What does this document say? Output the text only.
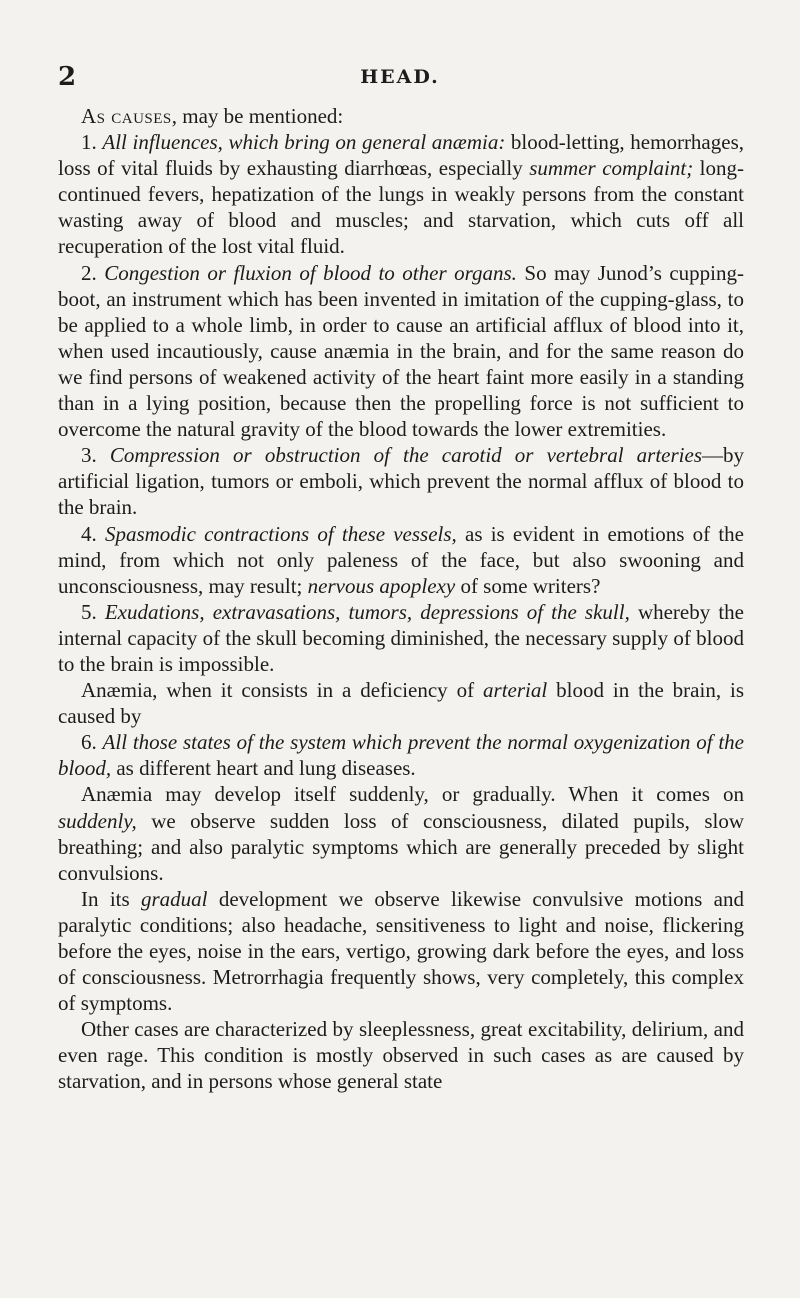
2	HEAD.

As causes, may be mentioned:

1. All influences, which bring on general anæmia: blood-letting, hemorrhages, loss of vital fluids by exhausting diarrhœas, especially summer complaint; long-continued fevers, hepatization of the lungs in weakly persons from the constant wasting away of blood and muscles; and starvation, which cuts off all recuperation of the lost vital fluid.

2. Congestion or fluxion of blood to other organs. So may Junod’s cupping-boot, an instrument which has been invented in imitation of the cupping-glass, to be applied to a whole limb, in order to cause an artificial afflux of blood into it, when used incautiously, cause anæmia in the brain, and for the same reason do we find persons of weakened activity of the heart faint more easily in a standing than in a lying position, because then the propelling force is not sufficient to overcome the natural gravity of the blood towards the lower extremities.

3. Compression or obstruction of the carotid or vertebral arteries—by artificial ligation, tumors or emboli, which prevent the normal afflux of blood to the brain.

4. Spasmodic contractions of these vessels, as is evident in emotions of the mind, from which not only paleness of the face, but also swooning and unconsciousness, may result; nervous apoplexy of some writers?

5. Exudations, extravasations, tumors, depressions of the skull, whereby the internal capacity of the skull becoming diminished, the necessary supply of blood to the brain is impossible.

Anæmia, when it consists in a deficiency of arterial blood in the brain, is caused by

6. All those states of the system which prevent the normal oxygenization of the blood, as different heart and lung diseases.

Anæmia may develop itself suddenly, or gradually. When it comes on suddenly, we observe sudden loss of consciousness, dilated pupils, slow breathing; and also paralytic symptoms which are generally preceded by slight convulsions.

In its gradual development we observe likewise convulsive motions and paralytic conditions; also headache, sensitiveness to light and noise, flickering before the eyes, noise in the ears, vertigo, growing dark before the eyes, and loss of consciousness. Metrorrhagia frequently shows, very completely, this complex of symptoms.

Other cases are characterized by sleeplessness, great excitability, delirium, and even rage. This condition is mostly observed in such cases as are caused by starvation, and in persons whose general state
